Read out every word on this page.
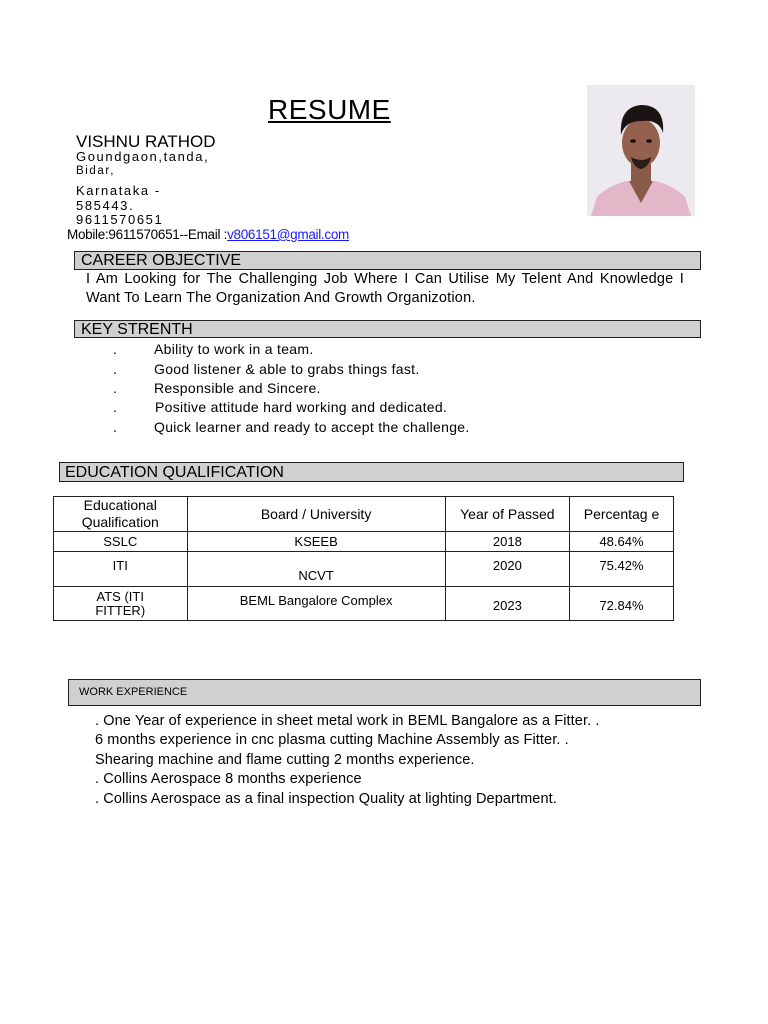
RESUME
VISHNU RATHOD
Goundgaon,tanda,
Bidar,
Karnataka -
585443.
9611570651
Mobile:9611570651--Email :v806151@gmail.com
CAREER OBJECTIVE
I Am Looking for The Challenging Job Where I Can Utilise My Telent And Knowledge I Want To Learn The Organization And Growth Organizotion.
KEY STRENTH
.	Ability to work in a team.
.	Good listener & able to grabs things fast.
.	Responsible and Sincere.
.	Positive attitude hard working and dedicated.
.	Quick learner and ready to accept the challenge.
EDUCATION QUALIFICATION
Educational Qualification	Board / University	Year of Passed	Percentag e
SSLC	KSEEB	2018	48.64%
ITI	NCVT	2020	75.42%
ATS (ITI FITTER)	BEML Bangalore Complex	2023	72.84%
WORK EXPERIENCE
. One Year of experience in sheet metal work in BEML Bangalore as a Fitter. .
6 months experience in cnc plasma cutting Machine Assembly as Fitter. .
Shearing machine and flame cutting 2 months experience.
. Collins Aerospace 8 months experience
. Collins Aerospace as a final inspection Quality at lighting Department.
